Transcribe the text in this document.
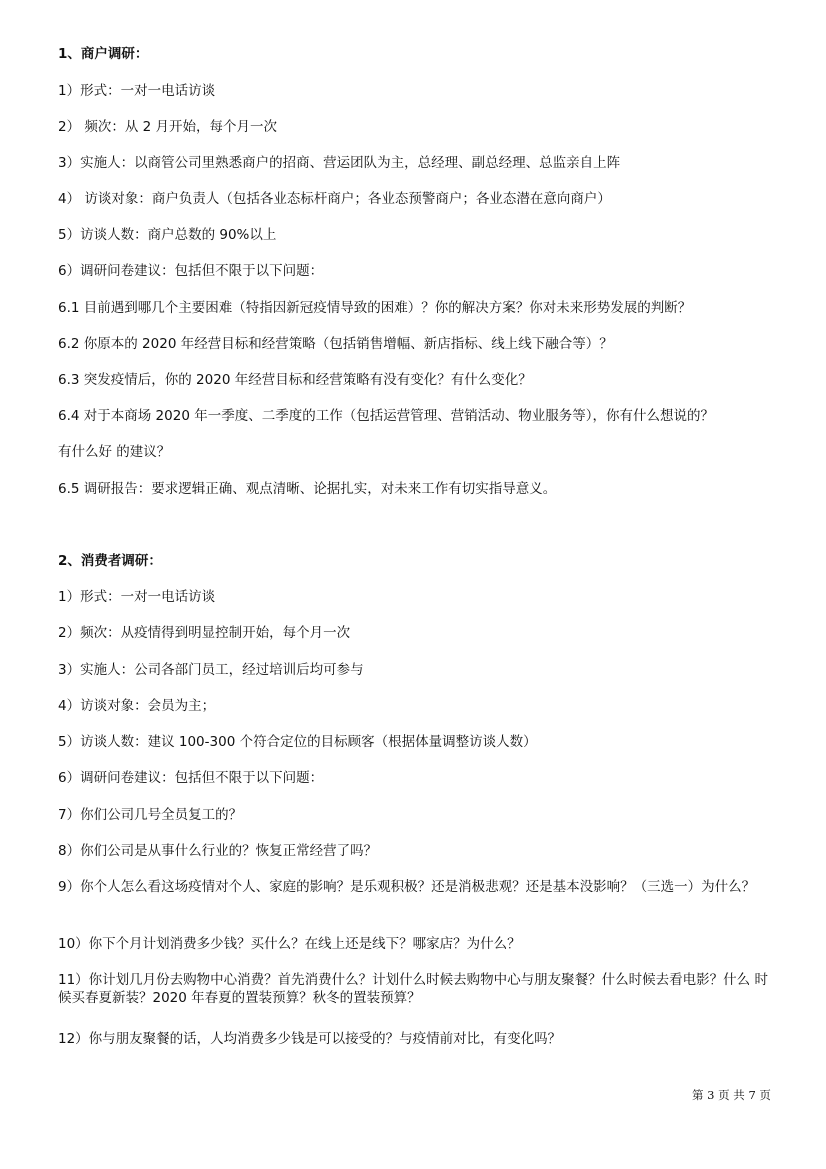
1、商户调研：
1）形式：一对一电话访谈
2） 频次：从 2 月开始，每个月一次
3）实施人：以商管公司里熟悉商户的招商、营运团队为主，总经理、副总经理、总监亲自上阵
4） 访谈对象：商户负责人（包括各业态标杆商户；各业态预警商户；各业态潜在意向商户）
5）访谈人数：商户总数的 90%以上
6）调研问卷建议：包括但不限于以下问题：
6.1 目前遇到哪几个主要困难（特指因新冠疫情导致的困难）？你的解决方案？你对未来形势发展的判断？
6.2 你原本的 2020 年经营目标和经营策略（包括销售增幅、新店指标、线上线下融合等）？
6.3 突发疫情后，你的 2020 年经营目标和经营策略有没有变化？有什么变化？
6.4 对于本商场 2020 年一季度、二季度的工作（包括运营管理、营销活动、物业服务等），你有什么想说的？
有什么好 的建议？
6.5 调研报告：要求逻辑正确、观点清晰、论据扎实，对未来工作有切实指导意义。
2、消费者调研：
1）形式：一对一电话访谈
2）频次：从疫情得到明显控制开始，每个月一次
3）实施人：公司各部门员工，经过培训后均可参与
4）访谈对象：会员为主；
5）访谈人数：建议 100-300 个符合定位的目标顾客（根据体量调整访谈人数）
6）调研问卷建议：包括但不限于以下问题：
7）你们公司几号全员复工的？
8）你们公司是从事什么行业的？恢复正常经营了吗？
9）你个人怎么看这场疫情对个人、家庭的影响？是乐观积极？还是消极悲观？还是基本没影响？（三选一）为什么？
10）你下个月计划消费多少钱？买什么？在线上还是线下？哪家店？为什么？
11）你计划几月份去购物中心消费？首先消费什么？计划什么时候去购物中心与朋友聚餐？什么时候去看电影？什么 时候买春夏新装？2020 年春夏的置装预算？秋冬的置装预算？
12）你与朋友聚餐的话，人均消费多少钱是可以接受的？与疫情前对比，有变化吗？
第 3 页 共 7 页
